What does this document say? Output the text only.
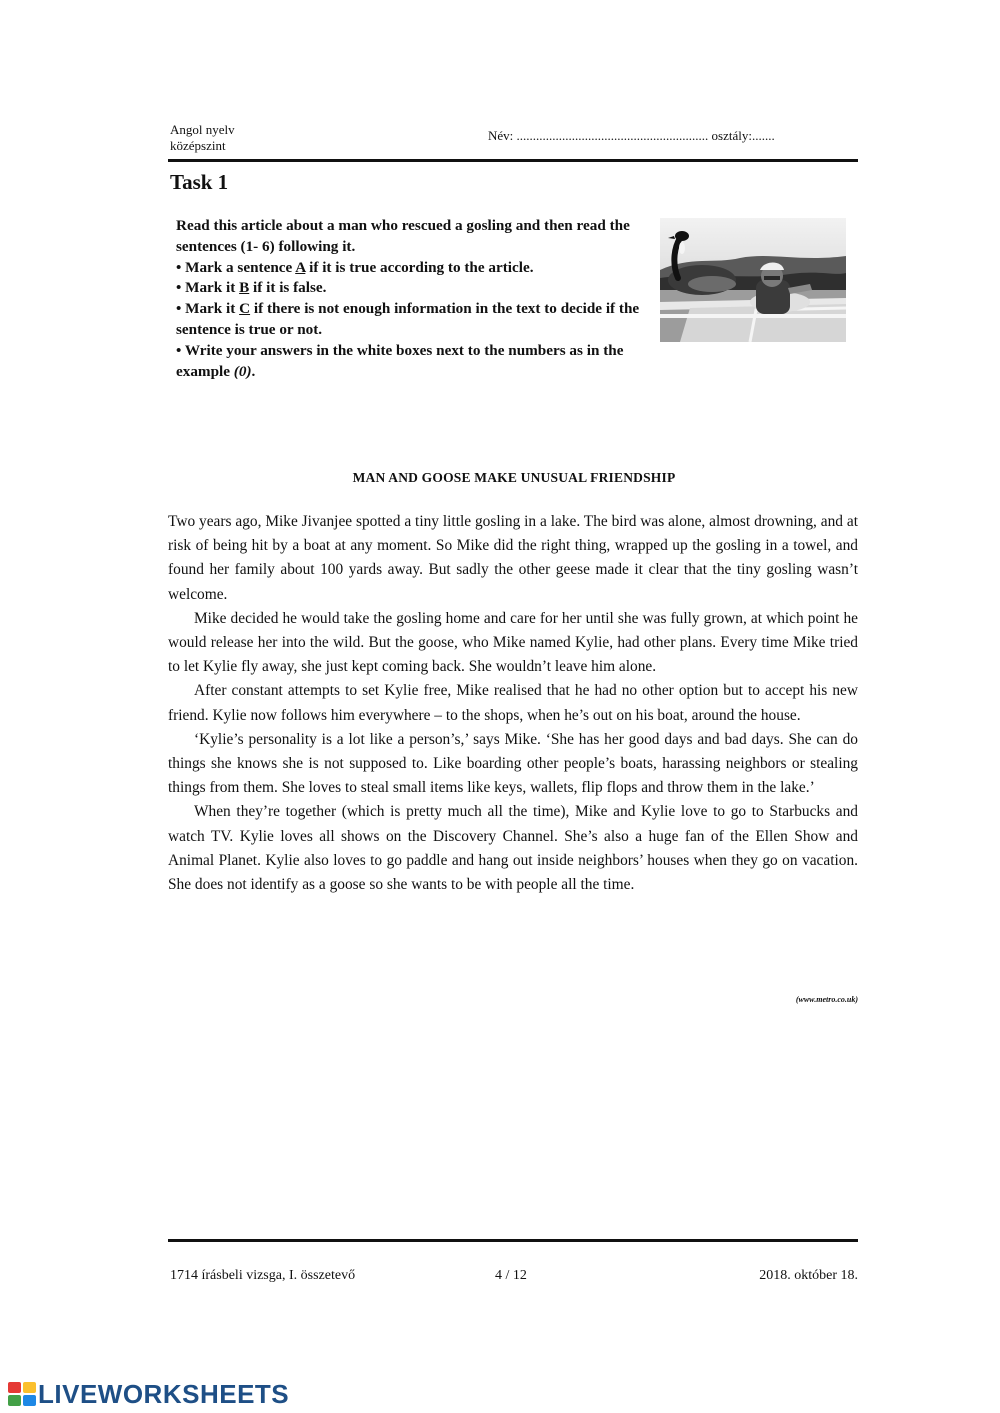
Angol nyelv
középszint
Név: ........................................................... osztály:.......
Task 1

Read this article about a man who rescued a gosling and then read the sentences (1- 6) following it.

• Mark a sentence A if it is true according to the article.

• Mark it B if it is false.

• Mark it C if there is not enough information in the text to decide if the sentence is true or not.

• Write your answers in the white boxes next to the numbers as in the example (0).

MAN AND GOOSE MAKE UNUSUAL FRIENDSHIP

Two years ago, Mike Jivanjee spotted a tiny little gosling in a lake. The bird was alone, almost drowning, and at risk of being hit by a boat at any moment. So Mike did the right thing, wrapped up the gosling in a towel, and found her family about 100 yards away. But sadly the other geese made it clear that the tiny gosling wasn’t welcome.

Mike decided he would take the gosling home and care for her until she was fully grown, at which point he would release her into the wild. But the goose, who Mike named Kylie, had other plans. Every time Mike tried to let Kylie fly away, she just kept coming back. She wouldn’t leave him alone.

After constant attempts to set Kylie free, Mike realised that he had no other option but to accept his new friend. Kylie now follows him everywhere – to the shops, when he’s out on his boat, around the house.

‘Kylie’s personality is a lot like a person’s,’ says Mike. ‘She has her good days and bad days. She can do things she knows she is not supposed to. Like boarding other people’s boats, harassing neighbors or stealing things from them. She loves to steal small items like keys, wallets, flip flops and throw them in the lake.’

When they’re together (which is pretty much all the time), Mike and Kylie love to go to Starbucks and watch TV. Kylie loves all shows on the Discovery Channel. She’s also a huge fan of the Ellen Show and Animal Planet. Kylie also loves to go paddle and hang out inside neighbors’ houses when they go on vacation. She does not identify as a goose so she wants to be with people all the time.

(www.metro.co.uk)
1714 írásbeli vizsga, I. összetevő	4 / 12	2018. október 18.
LIVEWORKSHEETS
